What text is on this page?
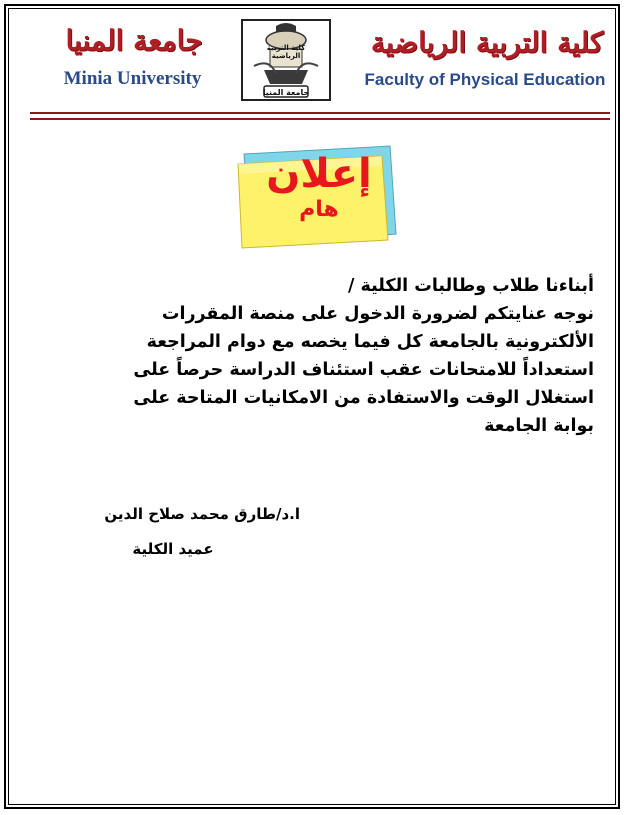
جامعة المنيا
Minia University
كلية التربية الرياضية
جامعة المنيا
كلية التربية الرياضية
Faculty of Physical Education
إعلان
هام
أبناءنا طلاب وطالبات الكلية /
نوجه عنايتكم لضرورة الدخول على منصة المقررات
الألكترونية بالجامعة كل فيما يخصه مع دوام المراجعة
استعداداً للامتحانات عقب استئناف الدراسة حرصاً على
استغلال الوقت والاستفادة من الامكانيات المتاحة على
بوابة الجامعة
ا.د/طارق محمد صلاح الدين
عميد الكلية
